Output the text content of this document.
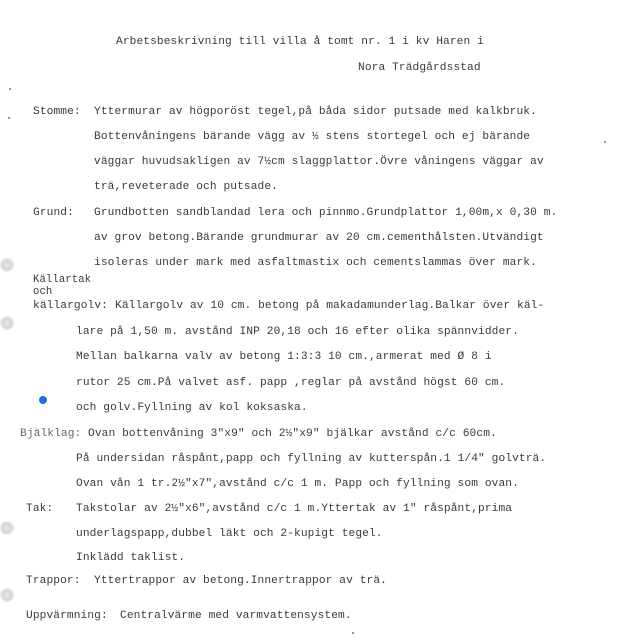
Arbetsbeskrivning till villa å tomt nr. 1 i kv Haren i
Nora Trädgårdsstad
Stomme: Yttermurar av högporöst tegel,på båda sidor putsade med kalkbruk.
Bottenvåningens bärande vägg av ½ stens stortegel och ej bärande
väggar huvudsakligen av 7½cm slaggplattor.Övre våningens väggar av
trä,reveterade och putsade.
Grund: Grundbotten sandblandad lera och pinnmo.Grundplattor 1,00m,x 0,30 m.
av grov betong.Bärande grundmurar av 20 cm.cementhålsten.Utvändigt
isoleras under mark med asfaltmastix och cementslammas över mark.
Källartak
och
källargolv: Källargolv av 10 cm. betong på makadamunderlag.Balkar över käl-
lare på 1,50 m. avstånd INP 20,18 och 16 efter olika spännvidder.
Mellan balkarna valv av betong 1:3:3 10 cm.,armerat med Ø 8 i
rutor 25 cm.På valvet asf. papp ,reglar på avstånd högst 60 cm.
och golv.Fyllning av kol koksaska.
Bjälklag: Ovan bottenvåning 3"x9" och 2½"x9" bjälkar avstånd c/c 60cm.
På undersidan råspånt,papp och fyllning av kutterspån.1 1/4" golvträ.
Ovan vån 1 tr.2½"x7",avstånd c/c 1 m. Papp och fyllning som ovan.
Tak: Takstolar av 2½"x6",avstånd c/c 1 m.Yttertak av 1" råspånt,prima
underlagspapp,dubbel läkt och 2-kupigt tegel.
Inklädd taklist.
Trappor: Yttertrappor av betong.Innertrappor av trä.
Uppvärmning: Centralvärme med varmvattensystem.
